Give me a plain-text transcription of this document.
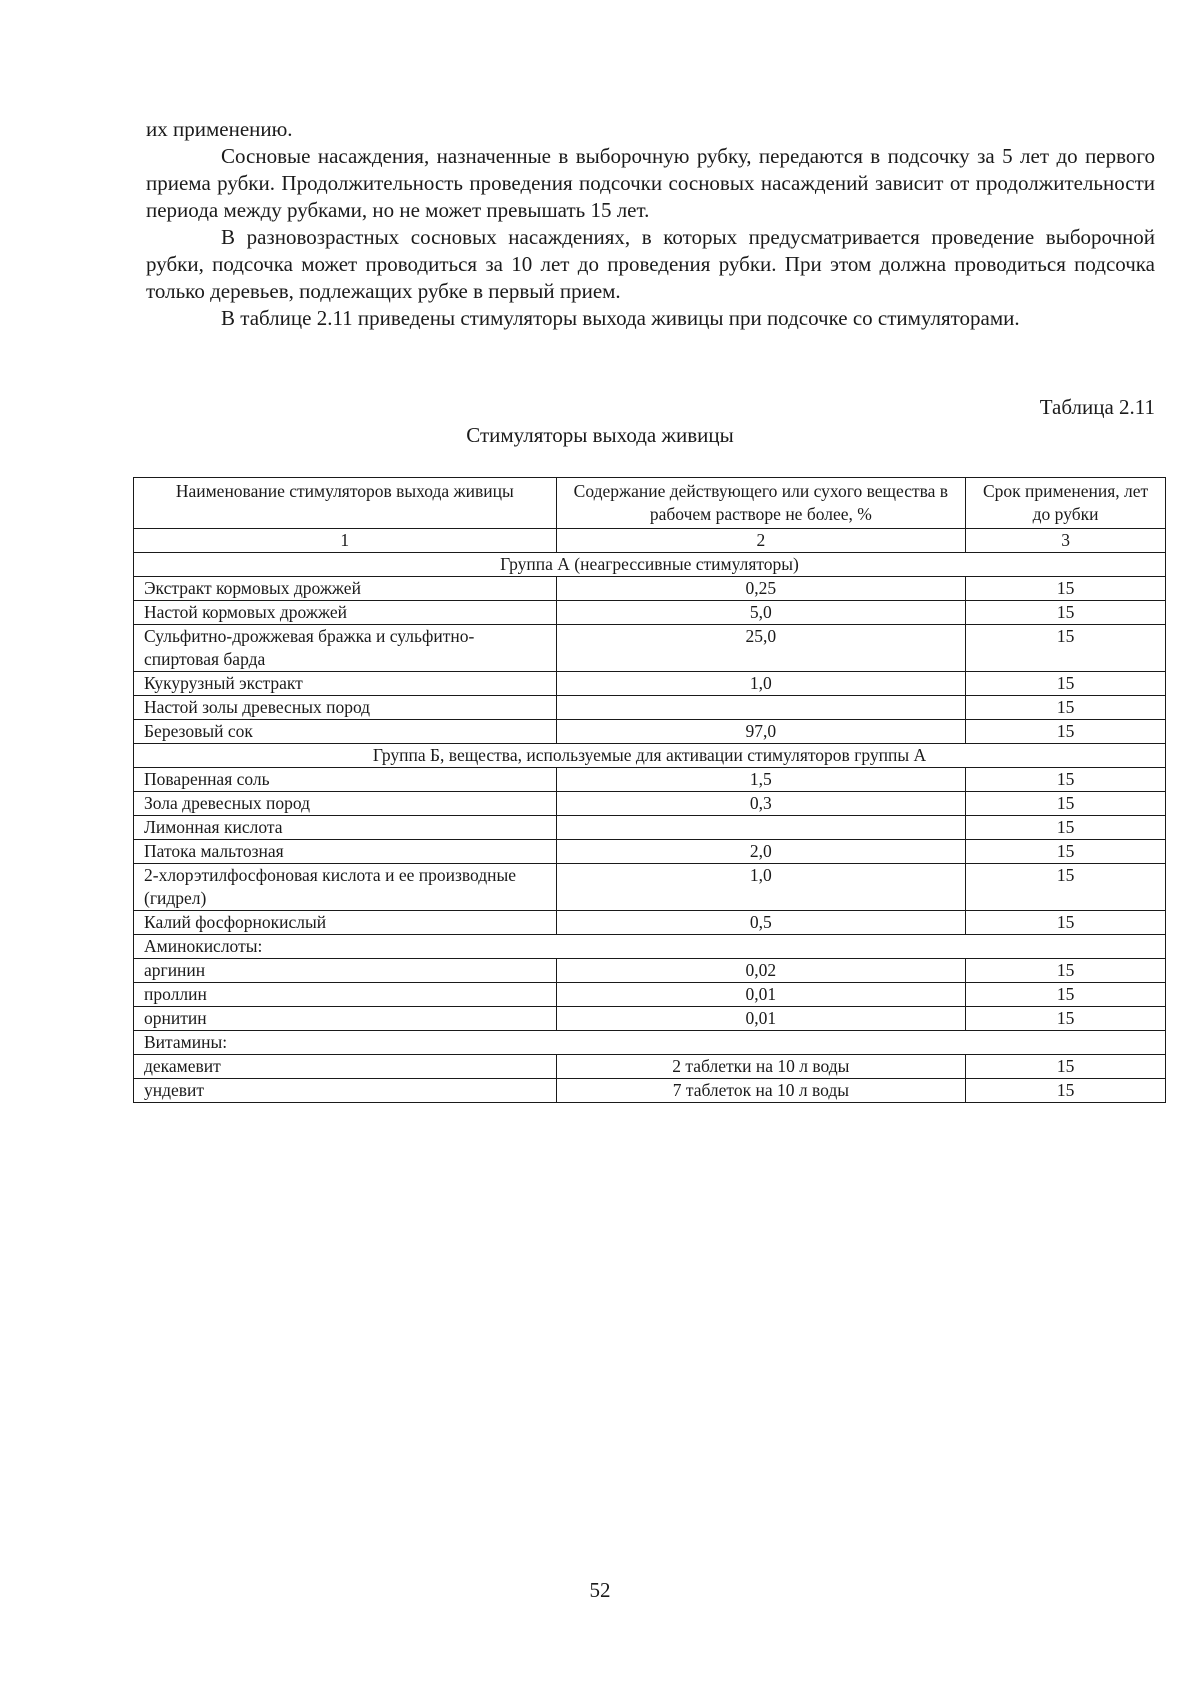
их применению.

Сосновые насаждения, назначенные в выборочную рубку, передаются в подсочку за 5 лет до первого приема рубки. Продолжительность проведения подсочки сосновых насаждений зависит от продолжительности периода между рубками, но не может превышать 15 лет.

В разновозрастных сосновых насаждениях, в которых предусматривается проведение выборочной рубки, подсочка может проводиться за 10 лет до проведения рубки. При этом должна проводиться подсочка только деревьев, подлежащих рубке в первый прием.

В таблице 2.11 приведены стимуляторы выхода живицы при подсочке со стимуляторами.

Таблица 2.11
Стимуляторы выхода живицы
Наименование стимуляторов выхода живицы	Содержание действующего или сухого вещества в рабочем растворе не более, %	Срок применения, лет до рубки
1	2	3
Группа А (неагрессивные стимуляторы)		
Экстракт кормовых дрожжей	0,25	15
Настой кормовых дрожжей	5,0	15
Сульфитно-дрожжевая бражка и сульфитно-спиртовая барда	25,0	15
Кукурузный экстракт	1,0	15
Настой золы древесных пород		15
Березовый сок	97,0	15
Группа Б, вещества, используемые для активации стимуляторов группы А		
Поваренная соль	1,5	15
Зола древесных пород	0,3	15
Лимонная кислота		15
Патока мальтозная	2,0	15
2-хлорэтилфосфоновая кислота и ее производные (гидрел)	1,0	15
Калий фосфорнокислый	0,5	15
Аминокислоты:		
аргинин	0,02	15
проллин	0,01	15
орнитин	0,01	15
Витамины:		
декамевит	2 таблетки на 10 л воды	15
ундевит	7 таблеток на 10 л воды	15
52
